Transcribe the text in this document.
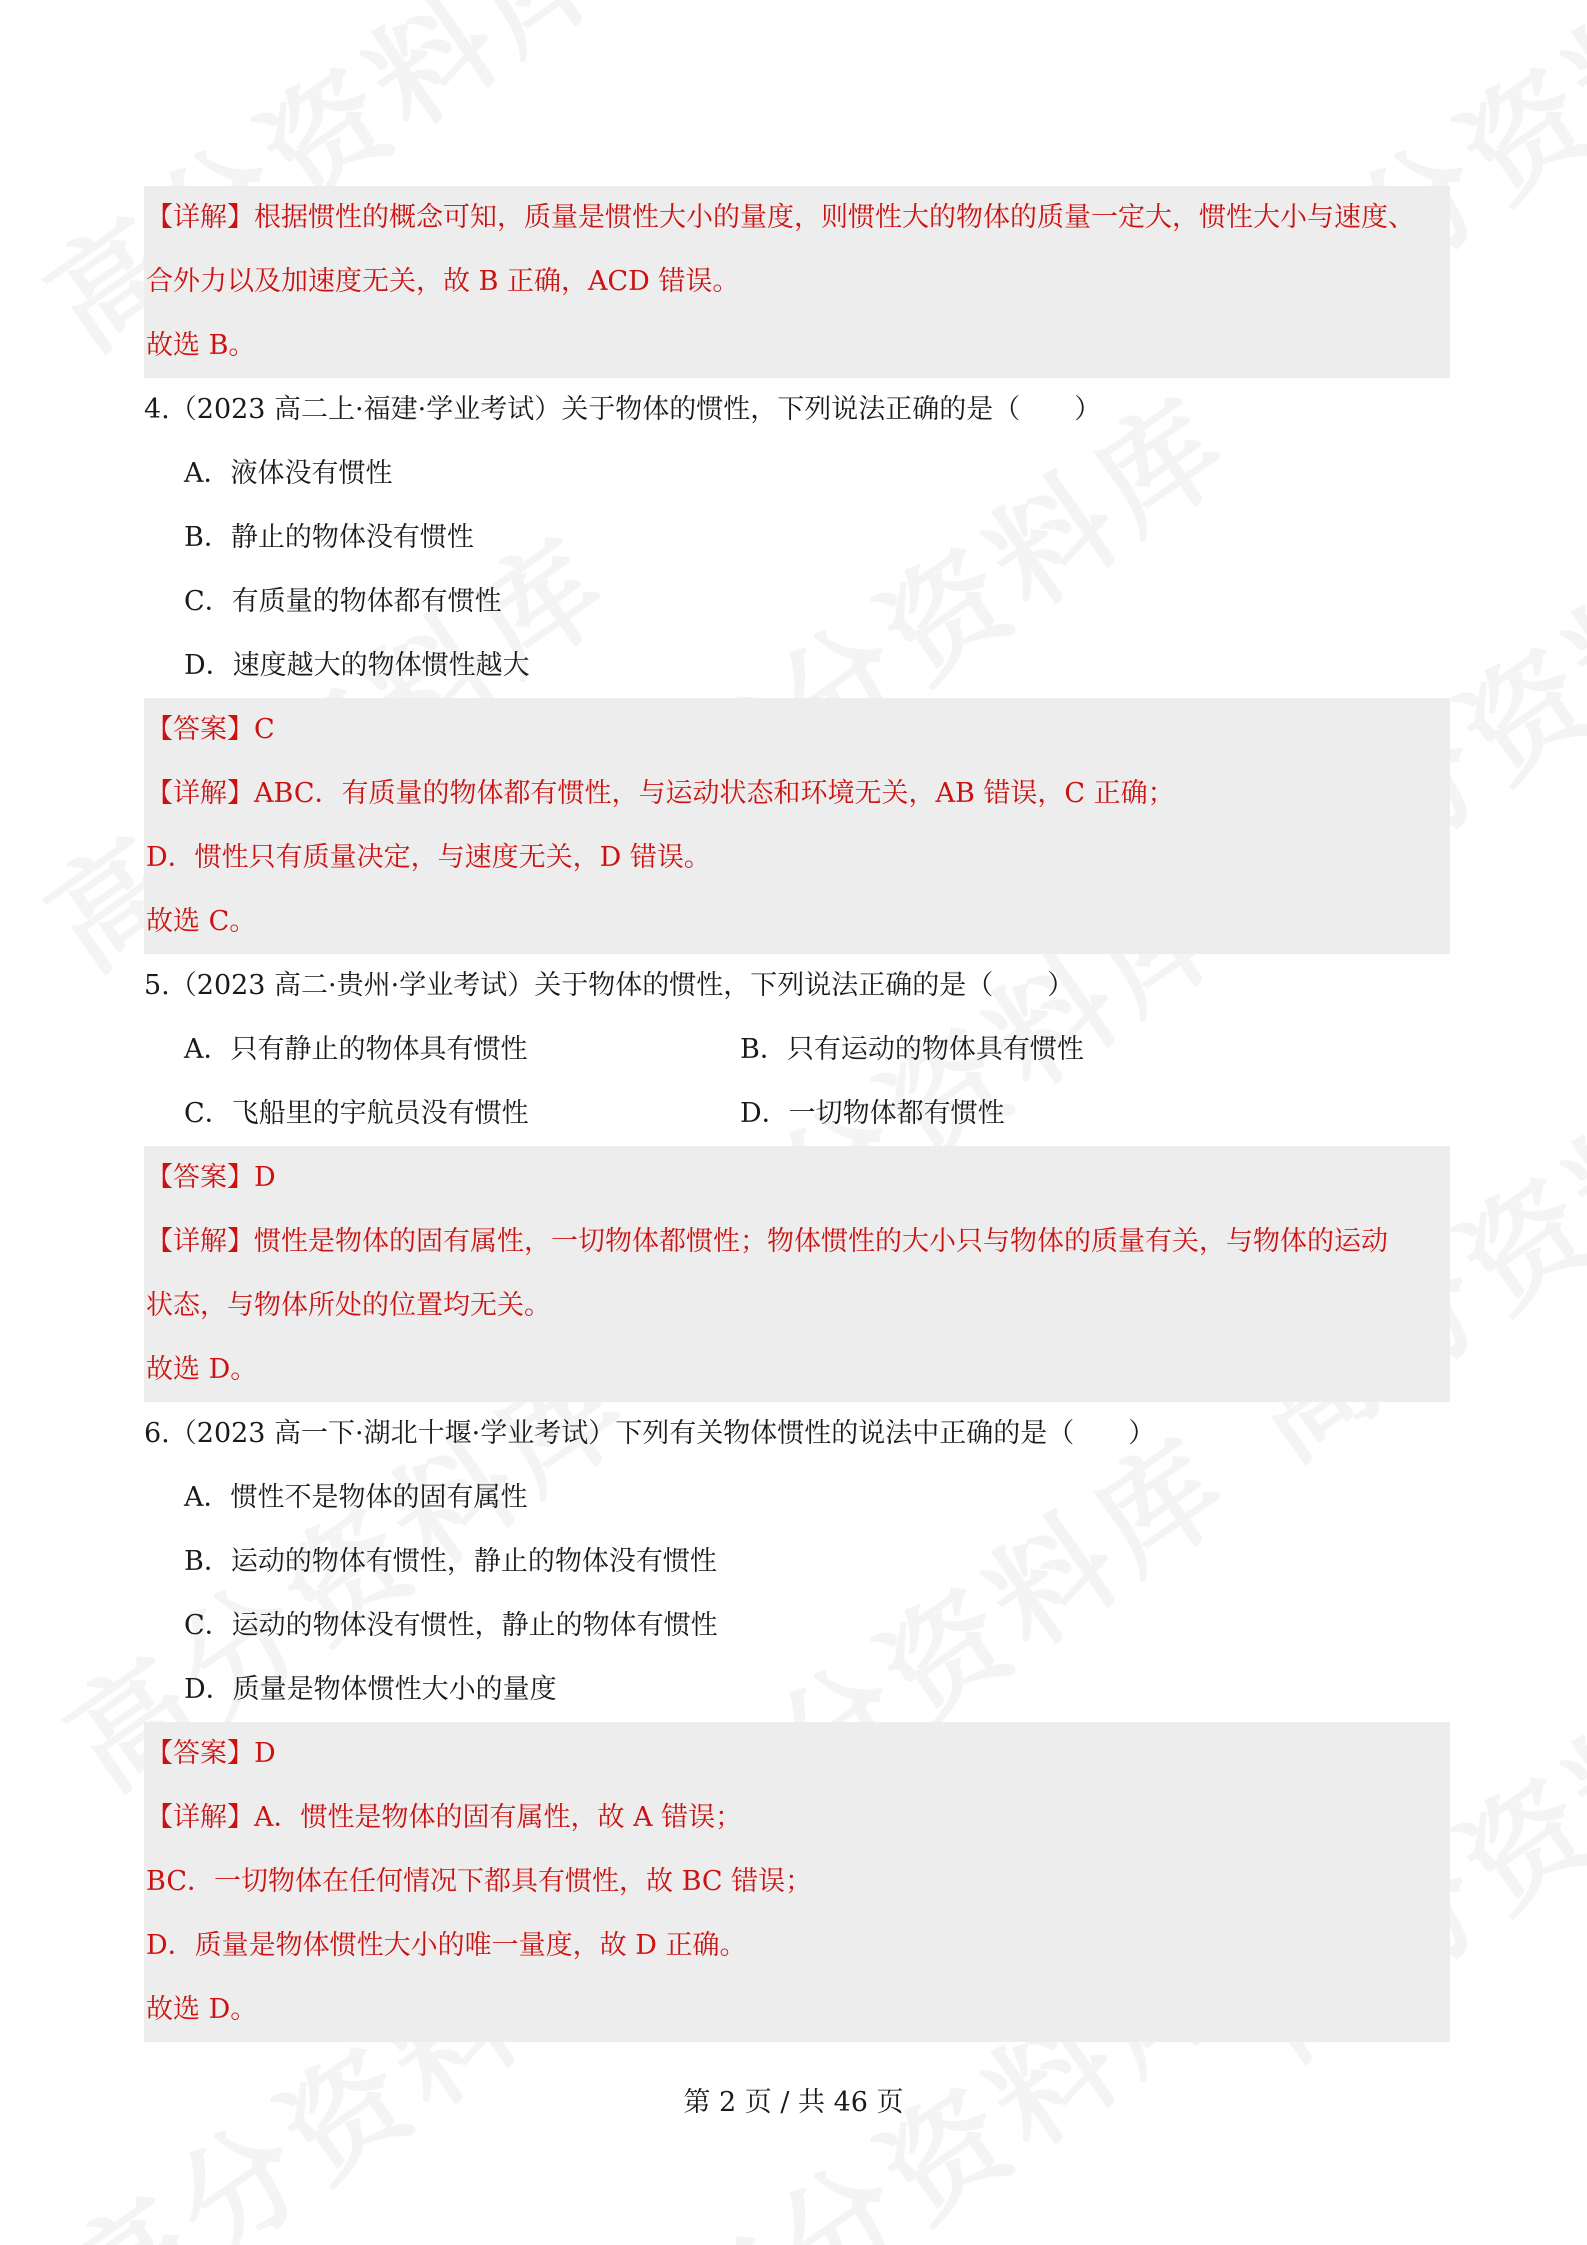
【详解】根据惯性的概念可知，质量是惯性大小的量度，则惯性大的物体的质量一定大，惯性大小与速度、
合外力以及加速度无关，故 B 正确，ACD 错误。
故选 B。
4.（2023 高二上·福建·学业考试）关于物体的惯性，下列说法正确的是（　　）
A．液体没有惯性
B．静止的物体没有惯性
C．有质量的物体都有惯性
D．速度越大的物体惯性越大
【答案】C
【详解】ABC．有质量的物体都有惯性，与运动状态和环境无关，AB 错误，C 正确；
D．惯性只有质量决定，与速度无关，D 错误。
故选 C。
5.（2023 高二·贵州·学业考试）关于物体的惯性，下列说法正确的是（　　）
A．只有静止的物体具有惯性	B．只有运动的物体具有惯性
C．飞船里的宇航员没有惯性	D．一切物体都有惯性
【答案】D
【详解】惯性是物体的固有属性，一切物体都惯性；物体惯性的大小只与物体的质量有关，与物体的运动
状态，与物体所处的位置均无关。
故选 D。
6.（2023 高一下·湖北十堰·学业考试）下列有关物体惯性的说法中正确的是（　　）
A．惯性不是物体的固有属性
B．运动的物体有惯性，静止的物体没有惯性
C．运动的物体没有惯性，静止的物体有惯性
D．质量是物体惯性大小的量度
【答案】D
【详解】A．惯性是物体的固有属性，故 A 错误；
BC．一切物体在任何情况下都具有惯性，故 BC 错误；
D．质量是物体惯性大小的唯一量度，故 D 正确。
故选 D。
第 2 页 / 共 46 页
